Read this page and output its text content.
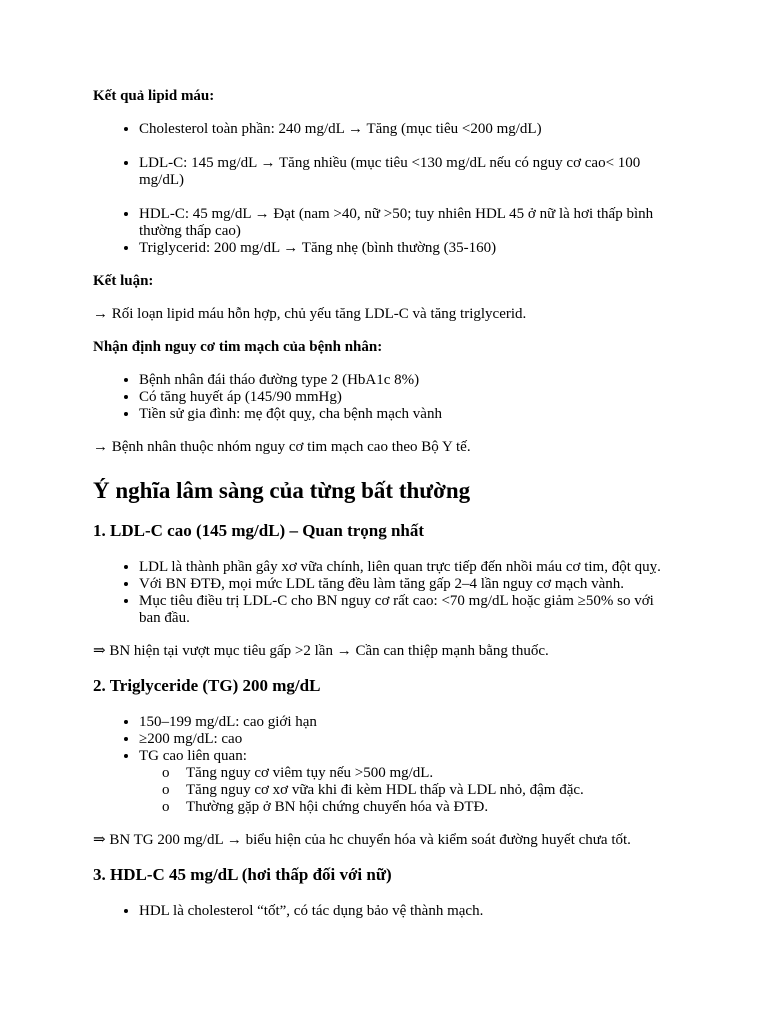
Kết quả lipid máu:

• Cholesterol toàn phần: 240 mg/dL → Tăng (mục tiêu <200 mg/dL)
• LDL-C: 145 mg/dL → Tăng nhiều (mục tiêu <130 mg/dL nếu có nguy cơ cao< 100 mg/dL)
• HDL-C: 45 mg/dL → Đạt (nam >40, nữ >50; tuy nhiên HDL 45 ở nữ là hơi thấp bình thường thấp cao)
• Triglycerid: 200 mg/dL → Tăng nhẹ (bình thường (35-160)

Kết luận:

→ Rối loạn lipid máu hỗn hợp, chủ yếu tăng LDL-C và tăng triglycerid.

Nhận định nguy cơ tim mạch của bệnh nhân:

• Bệnh nhân đái tháo đường type 2 (HbA1c 8%)
• Có tăng huyết áp (145/90 mmHg)
• Tiền sử gia đình: mẹ đột quỵ, cha bệnh mạch vành

→ Bệnh nhân thuộc nhóm nguy cơ tim mạch cao theo Bộ Y tế.

Ý nghĩa lâm sàng của từng bất thường
1. LDL-C cao (145 mg/dL) – Quan trọng nhất
• LDL là thành phần gây xơ vữa chính, liên quan trực tiếp đến nhồi máu cơ tim, đột quỵ.
• Với BN ĐTĐ, mọi mức LDL tăng đều làm tăng gấp 2–4 lần nguy cơ mạch vành.
• Mục tiêu điều trị LDL-C cho BN nguy cơ rất cao: <70 mg/dL hoặc giảm ≥50% so với ban đầu.

⇒ BN hiện tại vượt mục tiêu gấp >2 lần → Cần can thiệp mạnh bằng thuốc.

2. Triglyceride (TG) 200 mg/dL
• 150–199 mg/dL: cao giới hạn
• ≥200 mg/dL: cao
• TG cao liên quan:
o Tăng nguy cơ viêm tụy nếu >500 mg/dL.
o Tăng nguy cơ xơ vữa khi đi kèm HDL thấp và LDL nhỏ, đậm đặc.
o Thường gặp ở BN hội chứng chuyển hóa và ĐTĐ.

⇒ BN TG 200 mg/dL → biểu hiện của hc chuyển hóa và kiểm soát đường huyết chưa tốt.

3. HDL-C 45 mg/dL (hơi thấp đối với nữ)
• HDL là cholesterol “tốt”, có tác dụng bảo vệ thành mạch.
